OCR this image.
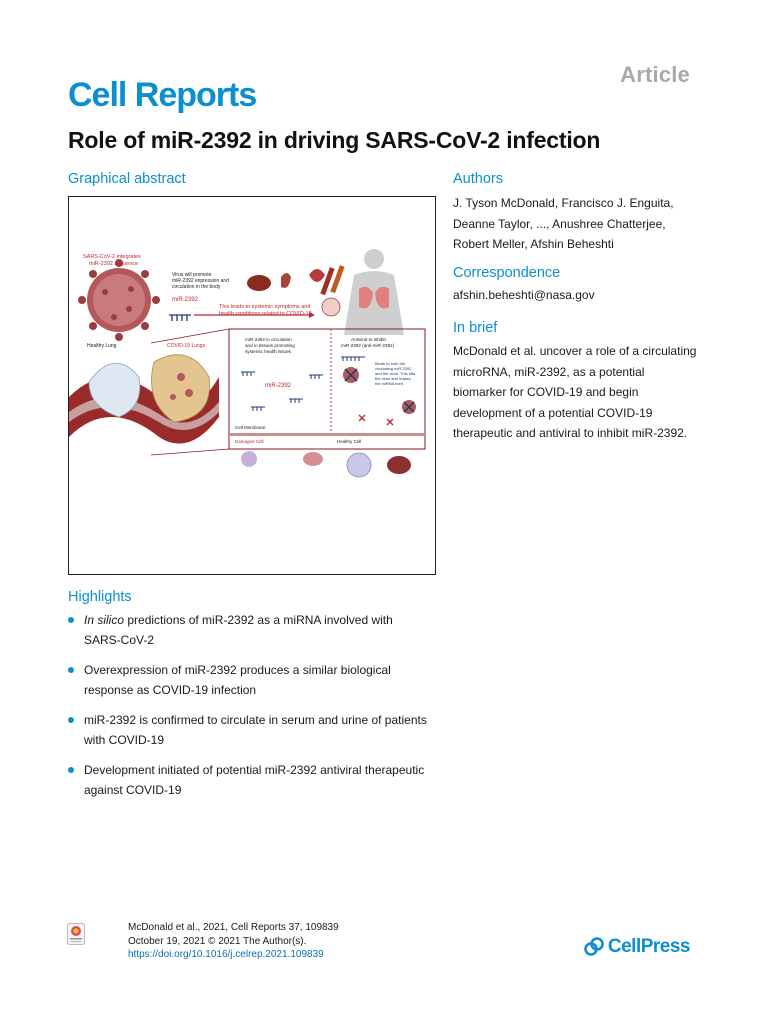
Article
Cell Reports
Role of miR-2392 in driving SARS-CoV-2 infection
Graphical abstract
SARS-CoV-2 integrates
miR-2392 sequence
Virus will promote
miR-2392 expression and
circulation in the body
miR-2392
This leads to systemic symptoms and
health conditions related to COVID-19
Healthy Lung	COVID-19 Lungs
miR-2392 in circulation
and in tissues promoting
systemic health issues
Antiviral to inhibit
miR-2392 (anti-miR-2392)
miR-2392
Binds to both the
circulating miR-2392
and the virus. This kills
the virus and makes
the miRNA inert
Cell Membrane
Damaged Cell	Healthy Cell
Authors
J. Tyson McDonald, Francisco J. Enguita, Deanne Taylor, ..., Anushree Chatterjee, Robert Meller, Afshin Beheshti
Correspondence
afshin.beheshti@nasa.gov
In brief
McDonald et al. uncover a role of a circulating microRNA, miR-2392, as a potential biomarker for COVID-19 and begin development of a potential COVID-19 therapeutic and antiviral to inhibit miR-2392.
Highlights
In silico predictions of miR-2392 as a miRNA involved with SARS-CoV-2
Overexpression of miR-2392 produces a similar biological response as COVID-19 infection
miR-2392 is confirmed to circulate in serum and urine of patients with COVID-19
Development initiated of potential miR-2392 antiviral therapeutic against COVID-19
McDonald et al., 2021, Cell Reports 37, 109839
October 19, 2021 © 2021 The Author(s).
https://doi.org/10.1016/j.celrep.2021.109839	CellPress
